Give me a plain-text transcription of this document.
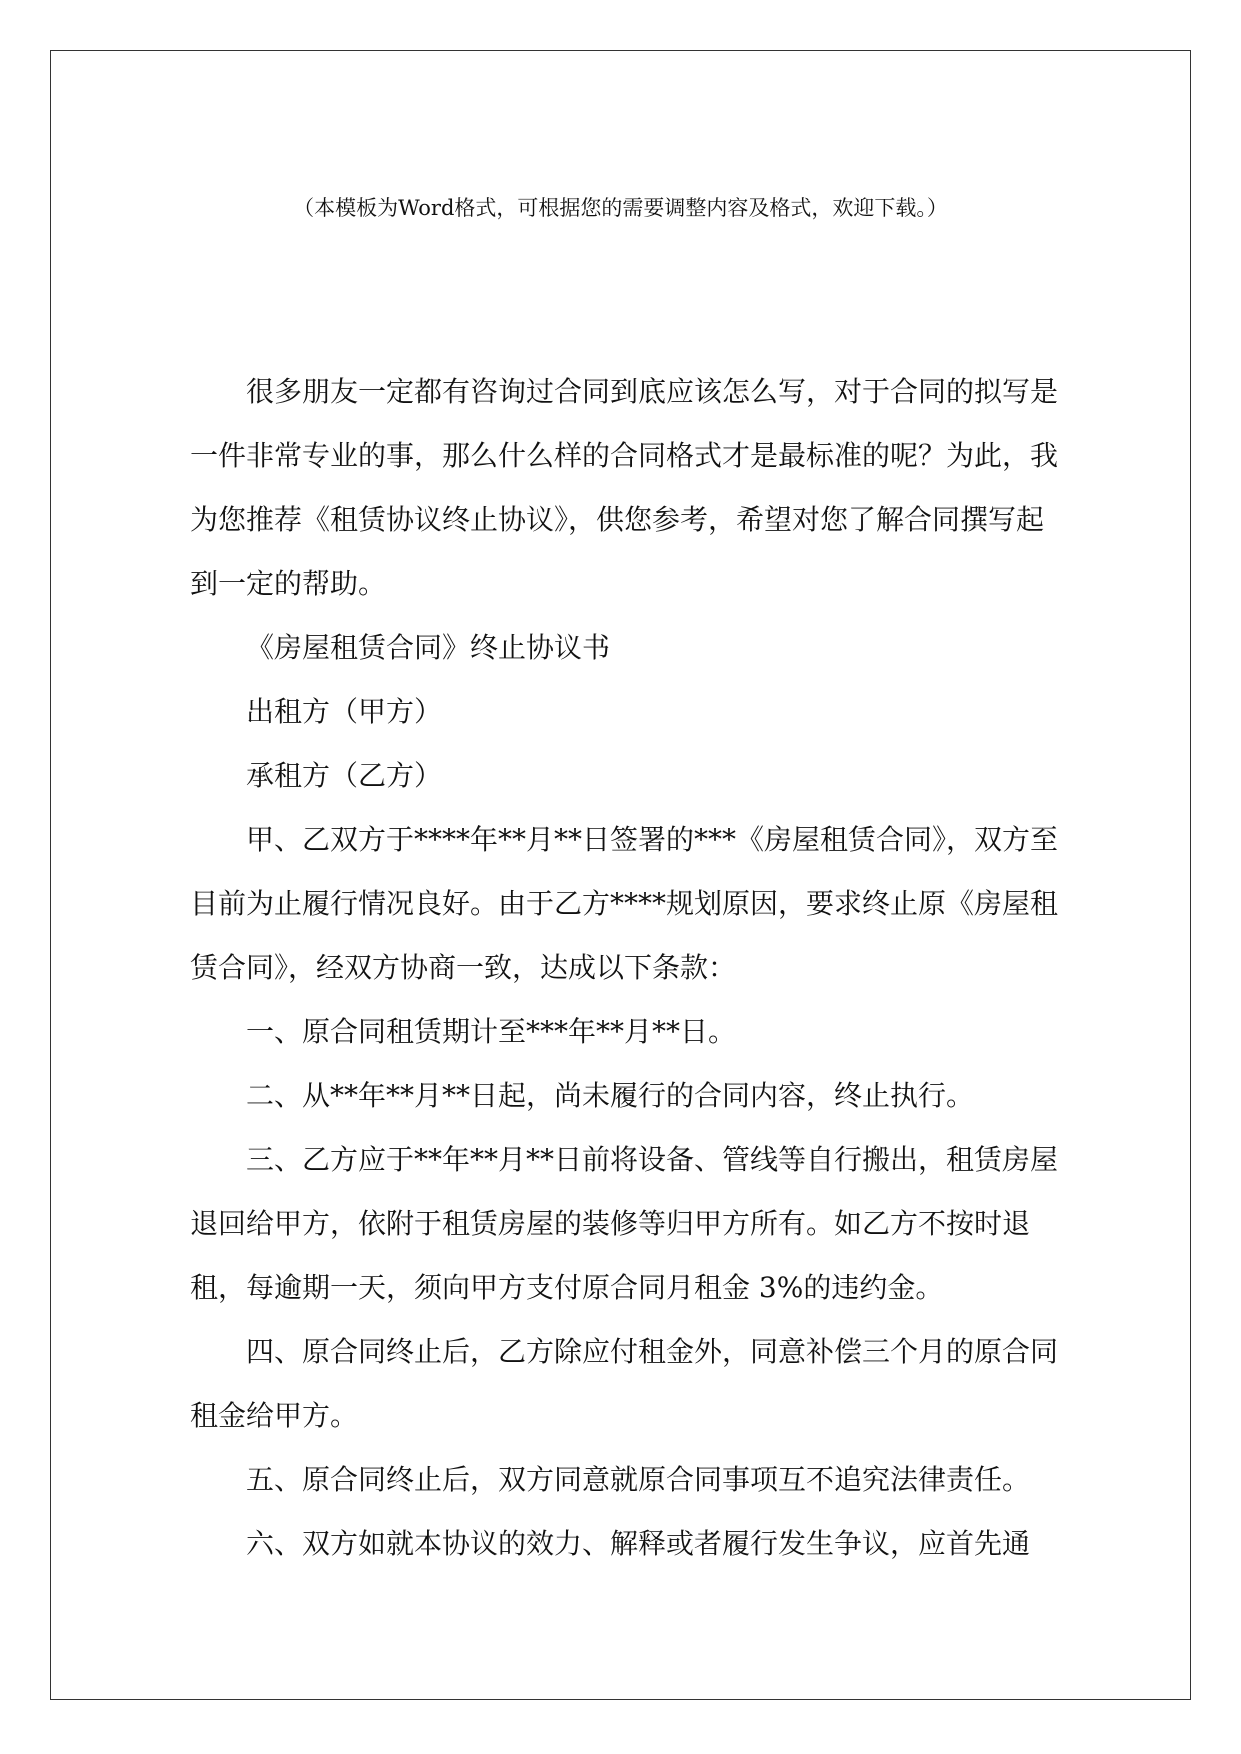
（本模板为Word格式，可根据您的需要调整内容及格式，欢迎下载。）

很多朋友一定都有咨询过合同到底应该怎么写，对于合同的拟写是一件非常专业的事，那么什么样的合同格式才是最标准的呢？为此，我为您推荐《租赁协议终止协议》，供您参考，希望对您了解合同撰写起到一定的帮助。

《房屋租赁合同》终止协议书

出租方（甲方）

承租方（乙方）

甲、乙双方于****年**月**日签署的***《房屋租赁合同》，双方至目前为止履行情况良好。由于乙方****规划原因，要求终止原《房屋租赁合同》，经双方协商一致，达成以下条款：

一、原合同租赁期计至***年**月**日。

二、从**年**月**日起，尚未履行的合同内容，终止执行。

三、乙方应于**年**月**日前将设备、管线等自行搬出，租赁房屋退回给甲方，依附于租赁房屋的装修等归甲方所有。如乙方不按时退租，每逾期一天，须向甲方支付原合同月租金 3%的违约金。

四、原合同终止后，乙方除应付租金外，同意补偿三个月的原合同租金给甲方。

五、原合同终止后，双方同意就原合同事项互不追究法律责任。

六、双方如就本协议的效力、解释或者履行发生争议，应首先通
